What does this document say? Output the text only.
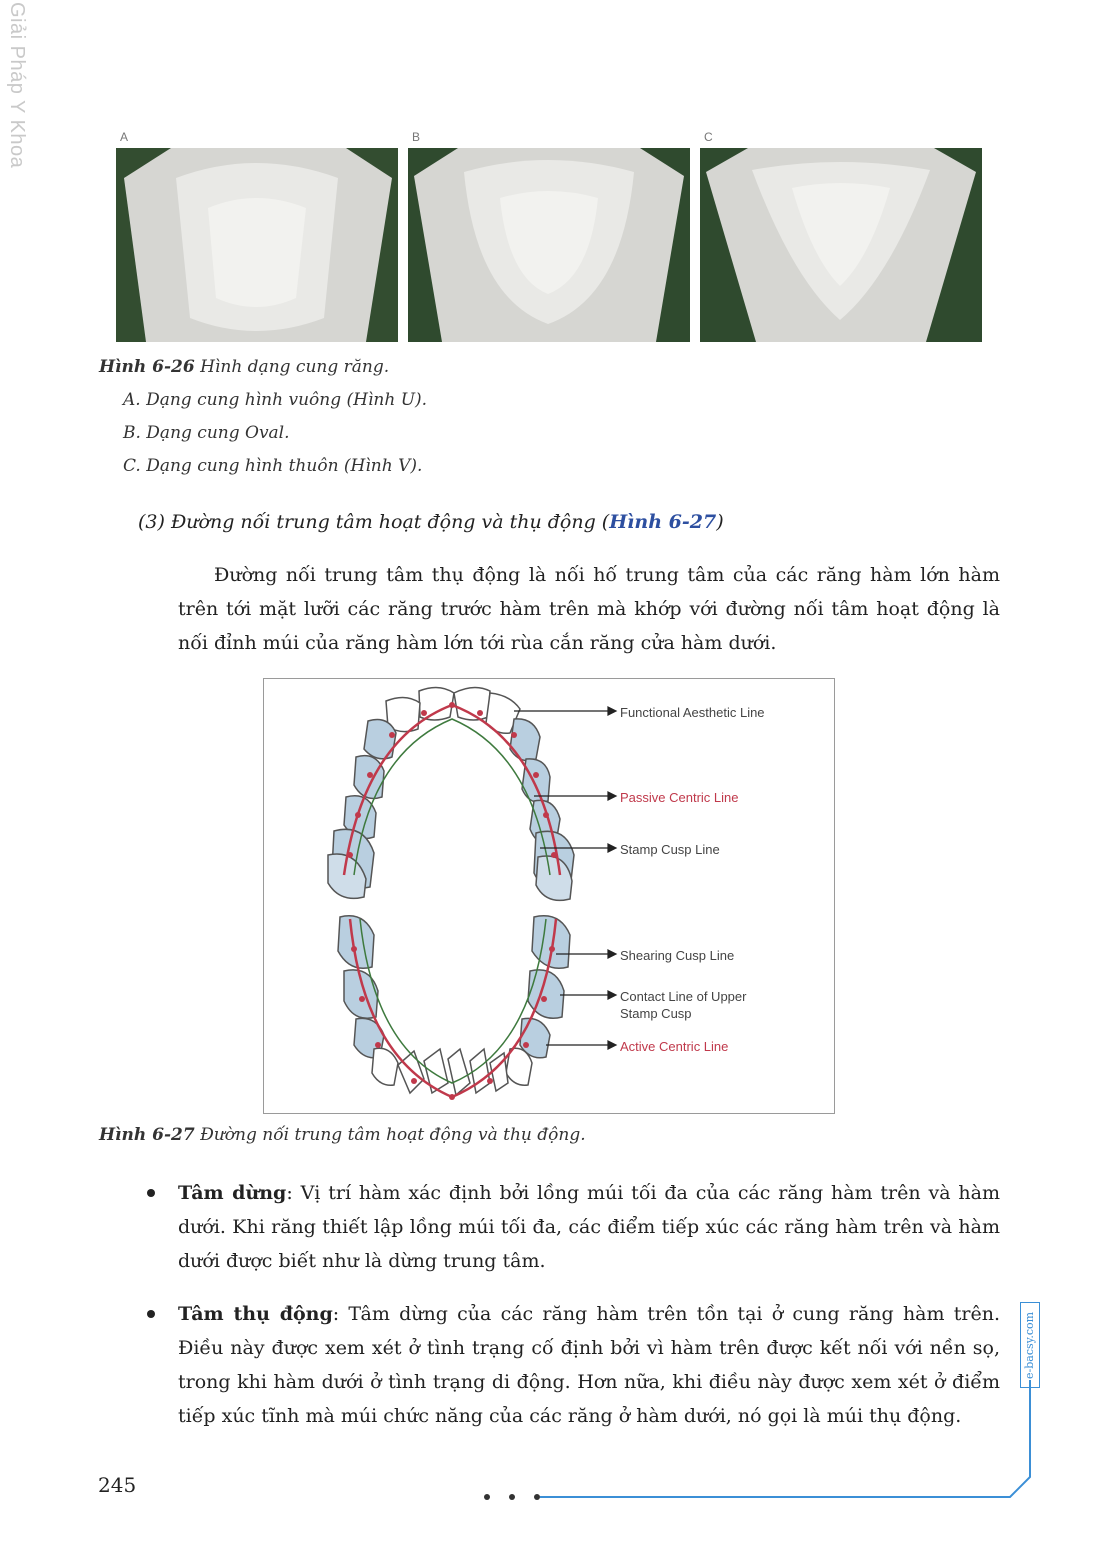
Giải Pháp Y Khoa	A	B	C
Hình 6-26 Hình dạng cung răng.
A. Dạng cung hình vuông (Hình U).
B. Dạng cung Oval.
C. Dạng cung hình thuôn (Hình V).
(3) Đường nối trung tâm hoạt động và thụ động (Hình 6-27)
Đường nối trung tâm thụ động là nối hố trung tâm của các răng hàm lớn hàm trên tới mặt lưỡi các răng trước hàm trên mà khớp với đường nối tâm hoạt động là nối đỉnh múi của răng hàm lớn tới rùa cắn răng cửa hàm dưới.
Functional Aesthetic Line
Passive Centric Line
Stamp Cusp Line
Shearing Cusp Line
Contact Line of Upper
Stamp Cusp
Active Centric Line
Hình 6-27 Đường nối trung tâm hoạt động và thụ động.
Tâm dừng: Vị trí hàm xác định bởi lồng múi tối đa của các răng hàm trên và hàm dưới. Khi răng thiết lập lồng múi tối đa, các điểm tiếp xúc các răng hàm trên và hàm dưới được biết như là dừng trung tâm.
Tâm thụ động: Tâm dừng của các răng hàm trên tồn tại ở cung răng hàm trên. Điều này được xem xét ở tình trạng cố định bởi vì hàm trên được kết nối với nền sọ, trong khi hàm dưới ở tình trạng di động. Hơn nữa, khi điều này được xem xét ở điểm tiếp xúc tĩnh mà múi chức năng của các răng ở hàm dưới, nó gọi là múi thụ động.
e-bacsy.com
245
